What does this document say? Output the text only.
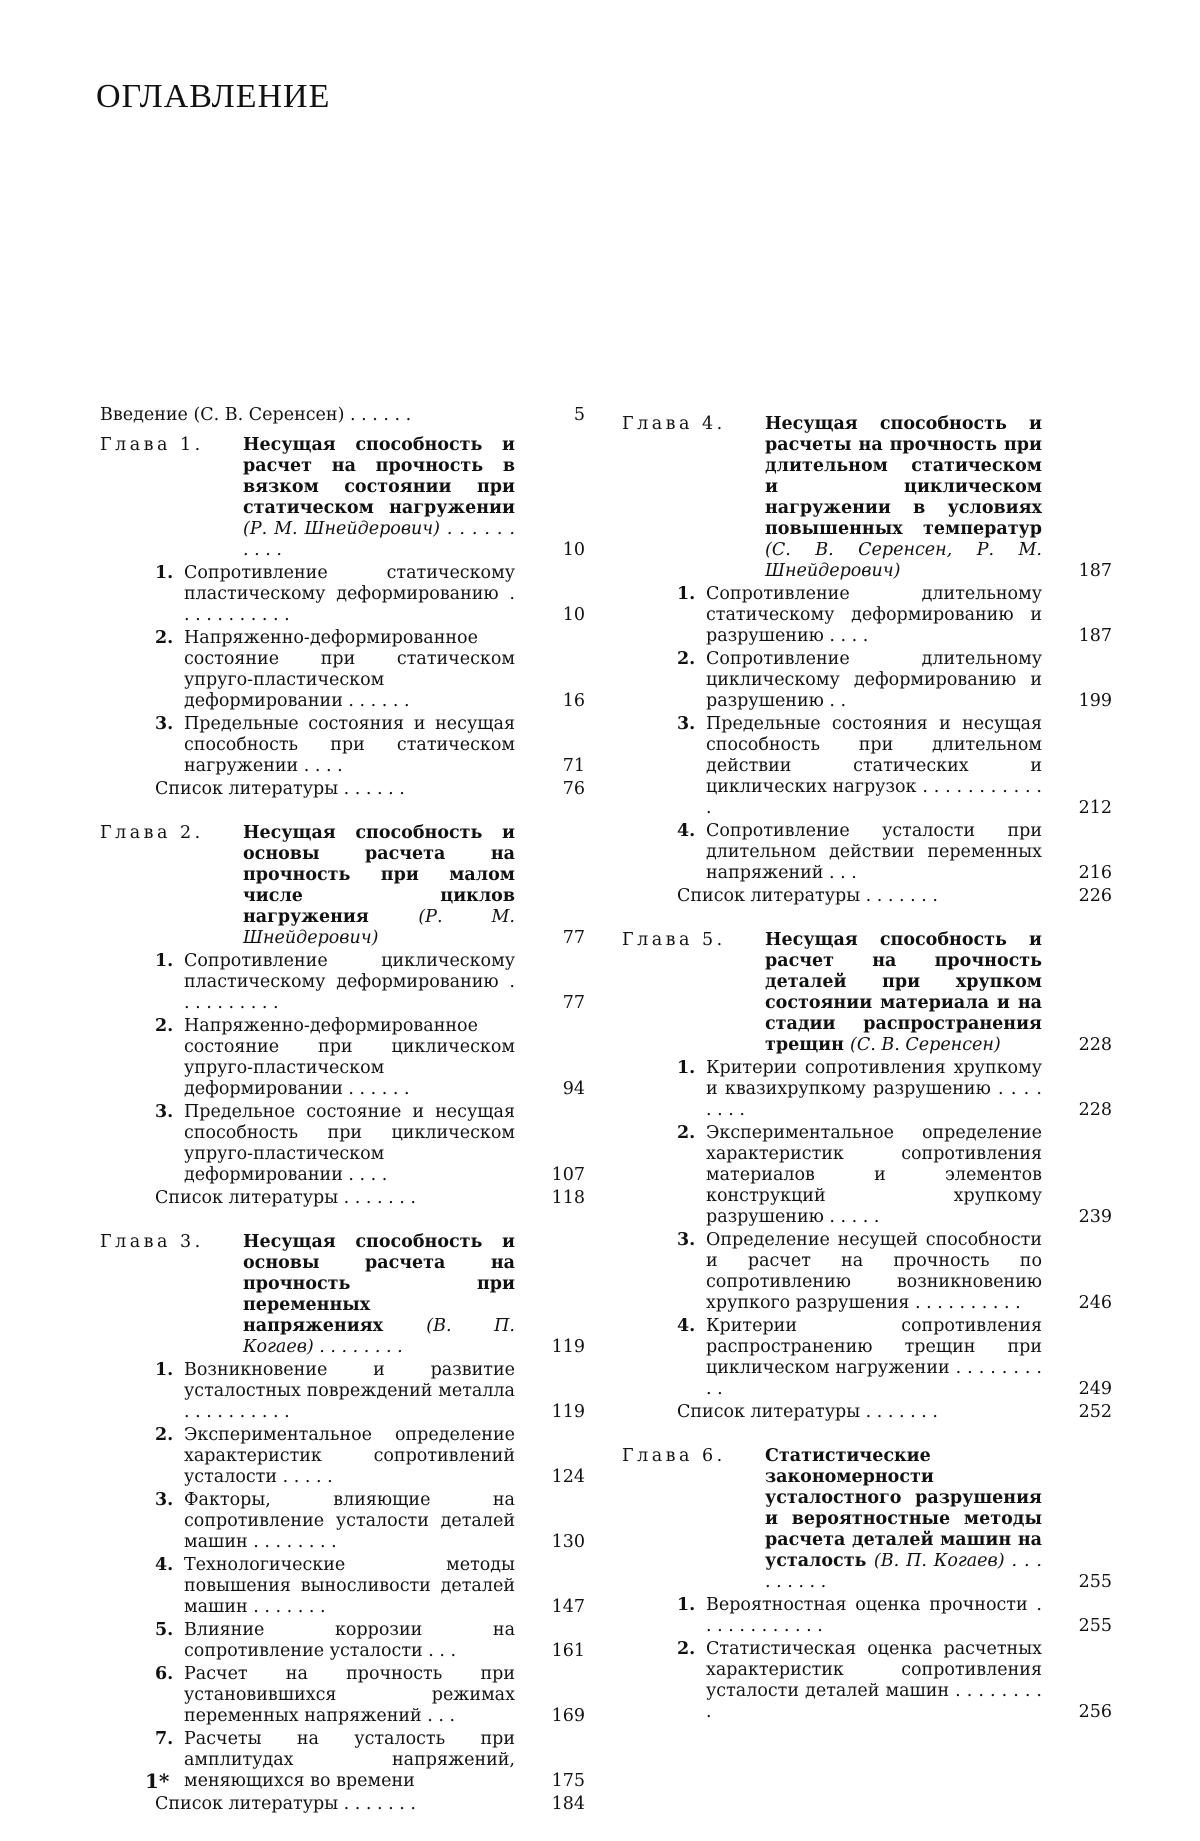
ОГЛАВЛЕНИЕ
Введение (С. В. Серенсен) . . . . . .	5
Глава 1. Несущая способность и расчет на прочность в вязком состоянии при статическом нагружении (Р. М. Шнейдерович) . . . . . . . . . .	10
1. Сопротивление статическому пластическому деформированию . . . . . . . . . . .	10
2. Напряженно-деформированное состояние при статическом упруго-пластическом деформировании . . . . . .	16
3. Предельные состояния и несущая способность при статическом нагружении . . . .	71
Список литературы . . . . . .	76
Глава 2. Несущая способность и основы расчета на прочность при малом числе циклов нагружения	(Р. М. Шнейдерович)	77
1. Сопротивление циклическому пластическому деформированию . . . . . . . . . .	77
2. Напряженно-деформированное состояние при циклическом упруго-пластическом деформировании . . . . . .	94
3. Предельное состояние и несущая способность при циклическом упруго-пластическом деформировании . . . .	107
Список литературы . . . . . . .	118
Глава 3. Несущая способность и основы расчета на прочность при переменных напряжениях (В. П. Когаев) . . . . . . . .	119
1. Возникновение и развитие усталостных повреждений металла . . . . . . . . . .	119
2. Экспериментальное определение характеристик сопротивлений усталости . . . . .	124
3. Факторы, влияющие на сопротивление усталости деталей машин . . . . . . . .	130
4. Технологические методы повышения выносливости деталей машин . . . . . . .	147
5. Влияние коррозии на сопротивление усталости . . .	161
6. Расчет на прочность при установившихся режимах переменных напряжений . . .	169
7. Расчеты на усталость при амплитудах напряжений, меняющихся во времени	175
Список литературы . . . . . . .	184
Глава 4. Несущая способность и расчеты на прочность при длительном статическом и циклическом нагружении в условиях повышенных температур (С. В. Серенсен, Р. М. Шнейдерович)	187
1. Сопротивление длительному статическому деформированию и разрушению . . . .	187
2. Сопротивление длительному циклическому деформированию и разрушению . .	199
3. Предельные состояния и несущая способность при длительном действии статических и циклических нагрузок . . . . . . . . . . . .	212
4. Сопротивление усталости при длительном действии переменных напряжений . . .	216
Список литературы . . . . . . .	226
Глава 5. Несущая способность и расчет на прочность деталей при хрупком состоянии материала и на стадии распространения трещин (С. В. Серенсен)	228
1. Критерии сопротивления хрупкому и квазихрупкому разрушению . . . . . . . .	228
2. Экспериментальное определение характеристик сопротивления материалов и элементов конструкций хрупкому разрушению . . . . .	239
3. Определение несущей способности и расчет на прочность по сопротивлению возникновению хрупкого разрушения . . . . . . . . . .	246
4. Критерии сопротивления распространению трещин при циклическом нагружении . . . . . . . . . .	249
Список литературы . . . . . . .	252
Глава 6. Статистические закономерности усталостного разрушения и вероятностные методы расчета деталей машин на усталость (В. П. Когаев) . . . . . . . . .	255
1. Вероятностная оценка прочности . . . . . . . . . . . .	255
2. Статистическая оценка расчетных характеристик сопротивления усталости деталей машин . . . . . . . . .	256
1*
